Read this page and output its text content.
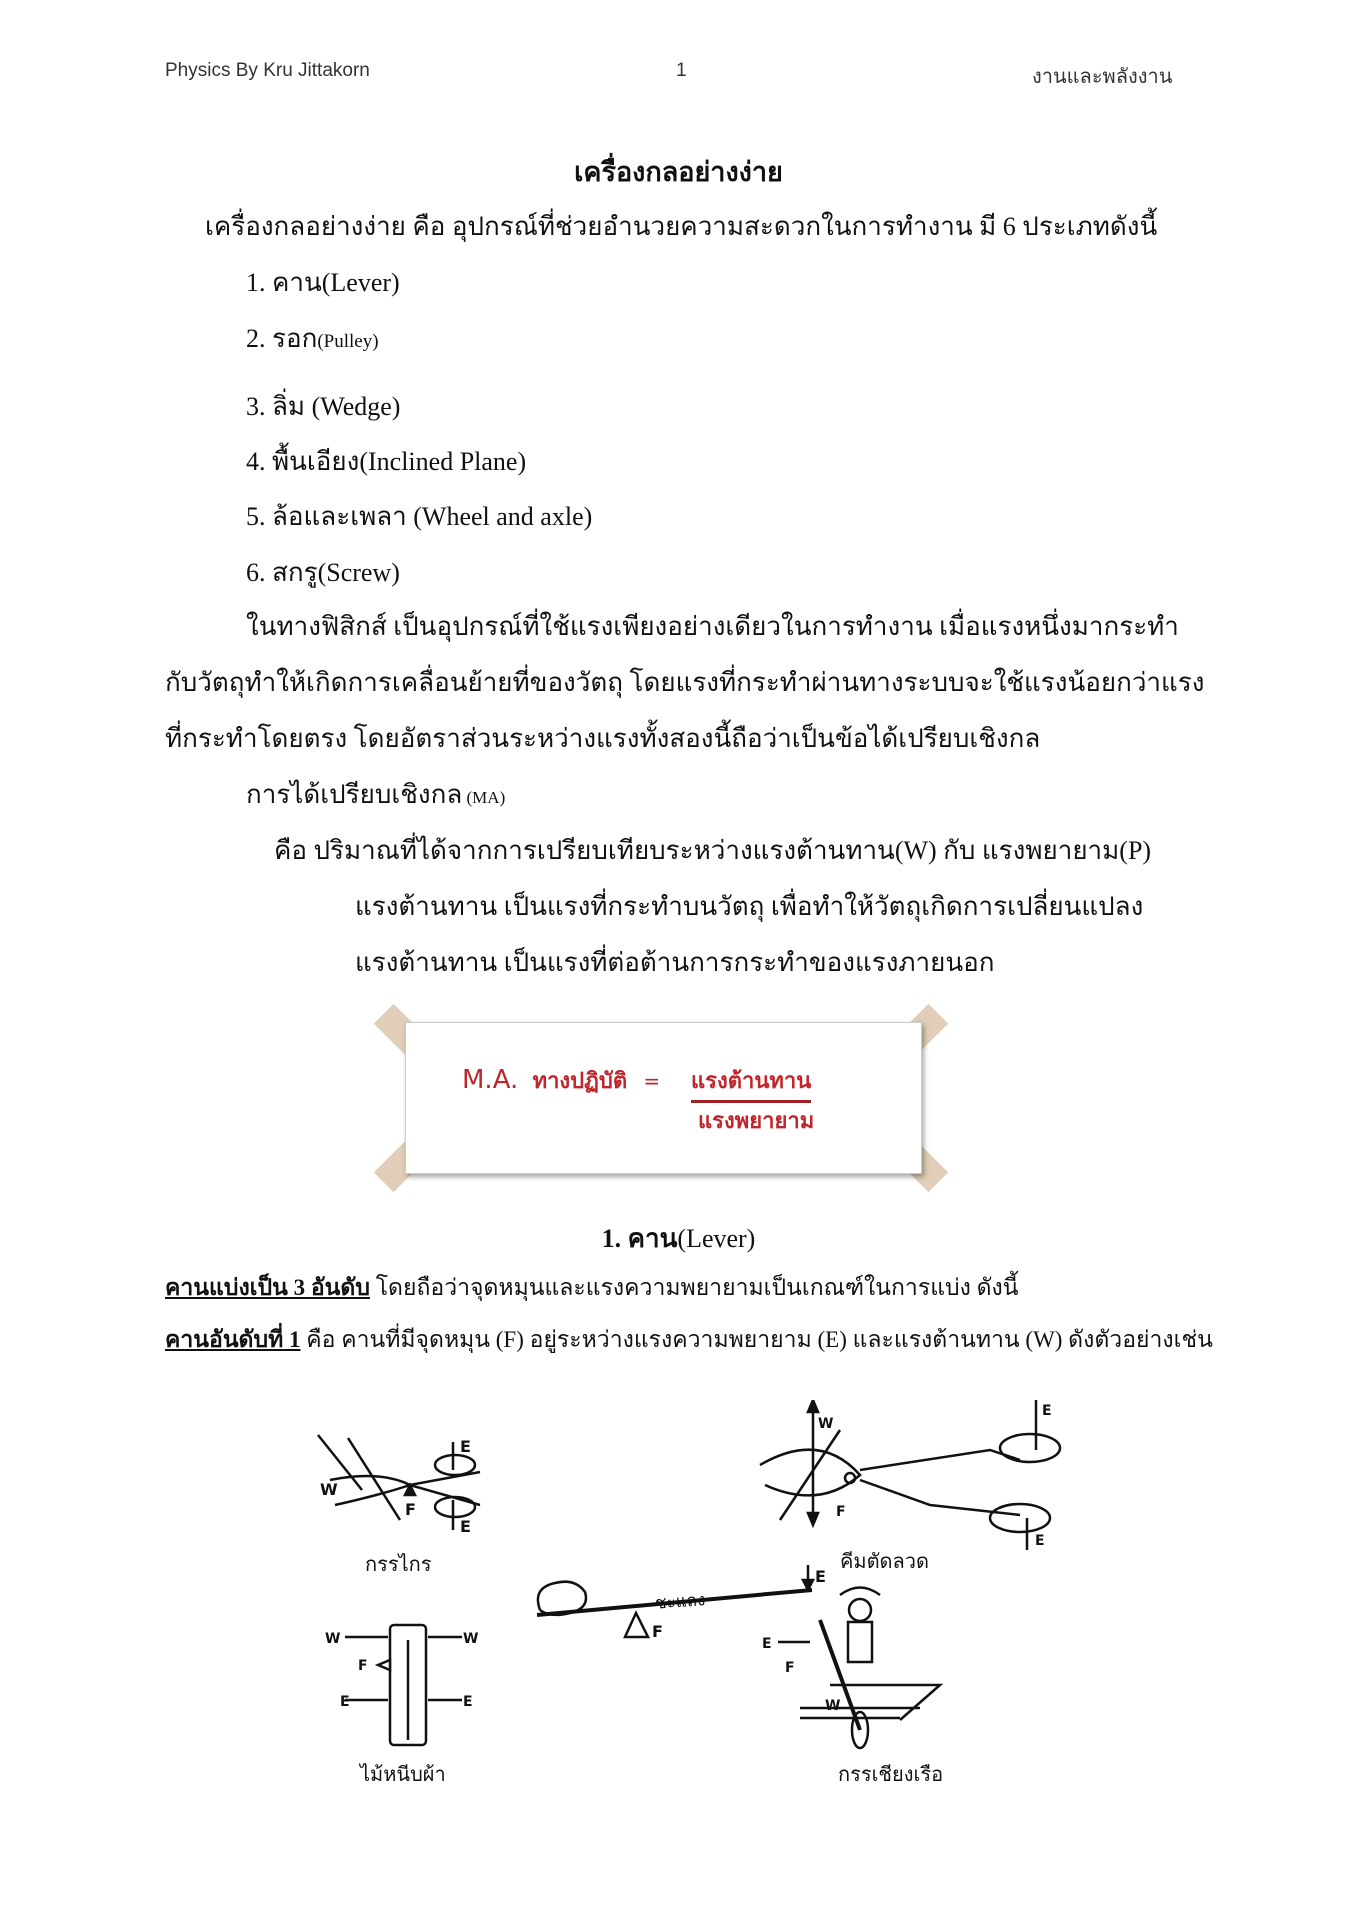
Physics By Kru Jittakorn	1	งานและพลังงาน
เครื่องกลอย่างง่าย
เครื่องกลอย่างง่าย คือ อุปกรณ์ที่ช่วยอำนวยความสะดวกในการทำงาน มี 6 ประเภทดังนี้
1. คาน(Lever)
2. รอก(Pulley)
3. ลิ่ม (Wedge)
4. พื้นเอียง(Inclined Plane)
5. ล้อและเพลา (Wheel and axle)
6. สกรู(Screw)
ในทางฟิสิกส์ เป็นอุปกรณ์ที่ใช้แรงเพียงอย่างเดียวในการทำงาน เมื่อแรงหนึ่งมากระทำ
กับวัตถุทำให้เกิดการเคลื่อนย้ายที่ของวัตถุ โดยแรงที่กระทำผ่านทางระบบจะใช้แรงน้อยกว่าแรง
ที่กระทำโดยตรง โดยอัตราส่วนระหว่างแรงทั้งสองนี้ถือว่าเป็นข้อได้เปรียบเชิงกล
การได้เปรียบเชิงกล (MA)
คือ ปริมาณที่ได้จากการเปรียบเทียบระหว่างแรงต้านทาน(W) กับ แรงพยายาม(P)
แรงต้านทาน เป็นแรงที่กระทำบนวัตถุ เพื่อทำให้วัตถุเกิดการเปลี่ยนแปลง
แรงต้านทาน เป็นแรงที่ต่อต้านการกระทำของแรงภายนอก
M.A. ทางปฏิบัติ = แรงต้านทาน
แรงพยายาม
1. คาน(Lever)
คานแบ่งเป็น 3 อันดับ โดยถือว่าจุดหมุนและแรงความพยายามเป็นเกณฑ์ในการแบ่ง ดังนี้
คานอันดับที่ 1 คือ คานที่มีจุดหมุน (F) อยู่ระหว่างแรงความพยายาม (E) และแรงต้านทาน (W) ดังตัวอย่างเช่น
E
E
W
F
W
F
E
E
E
F
W	W
F
E	E
E
F
W
กรรไกร	คีมตัดลวด
ชะแลง
ไม้หนีบผ้า	กรรเชียงเรือ
